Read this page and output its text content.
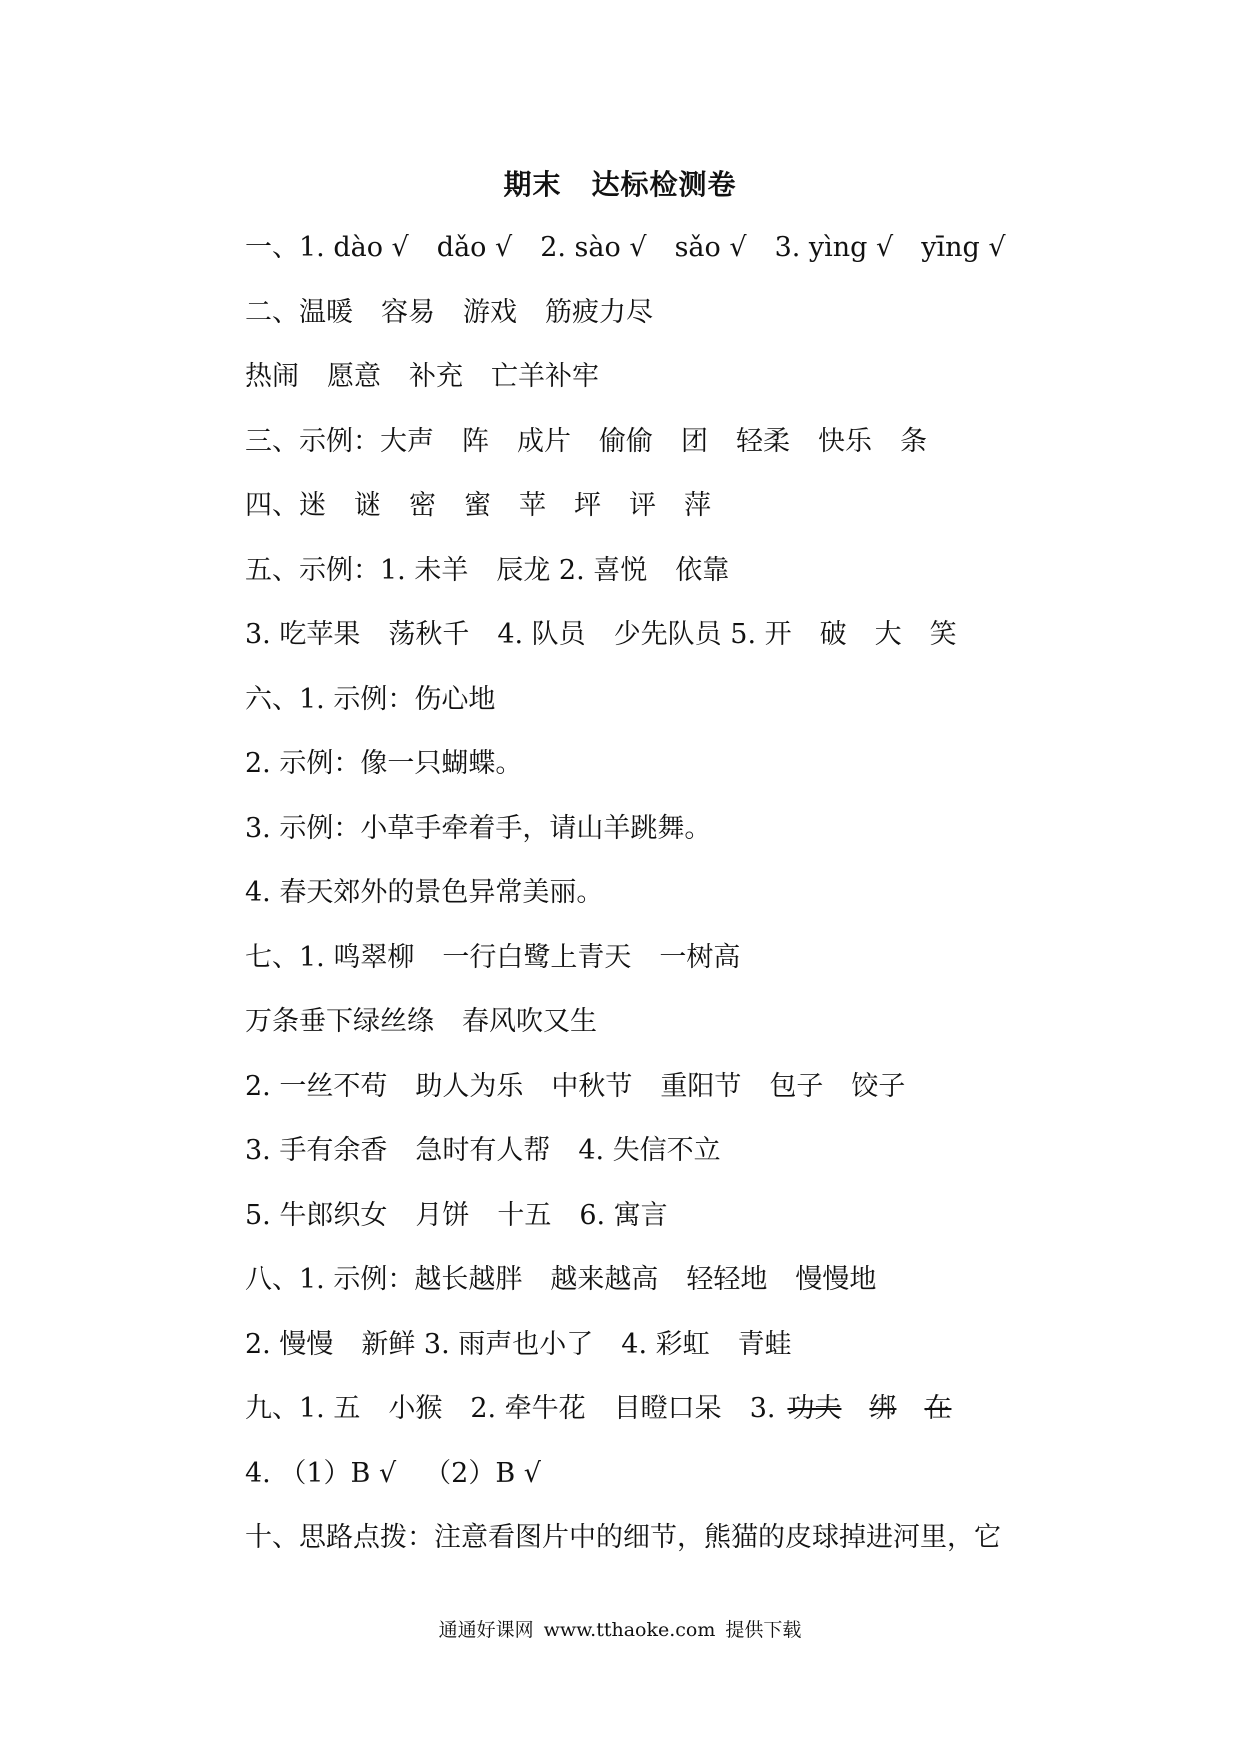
期末 达标检测卷
一、1. dào √ dǎo √ 2. sào √ sǎo √ 3. yìng √ yīng √
二、温暖 容易 游戏 筋疲力尽
热闹 愿意 补充 亡羊补牢
三、示例：大声 阵 成片 偷偷 团 轻柔 快乐 条
四、迷 谜 密 蜜 苹 坪 评 萍
五、示例：1. 未羊 辰龙 2. 喜悦 依靠
3. 吃苹果 荡秋千 4. 队员 少先队员 5. 开 破 大 笑
六、1. 示例：伤心地
2. 示例：像一只蝴蝶。
3. 示例：小草手牵着手，请山羊跳舞。
4. 春天郊外的景色异常美丽。
七、1. 鸣翠柳 一行白鹭上青天 一树高
万条垂下绿丝绦 春风吹又生
2. 一丝不苟 助人为乐 中秋节 重阳节 包子 饺子
3. 手有余香 急时有人帮 4. 失信不立
5. 牛郎织女 月饼 十五 6. 寓言
八、1. 示例：越长越胖 越来越高 轻轻地 慢慢地
2. 慢慢 新鲜 3. 雨声也小了 4. 彩虹 青蛙
九、1. 五 小猴 2. 牵牛花 目瞪口呆 3. 功夫 绑 在
4. （1）B √ （2）B √
十、思路点拨：注意看图片中的细节，熊猫的皮球掉进河里，它
通通好课网 www.tthaoke.com 提供下载
